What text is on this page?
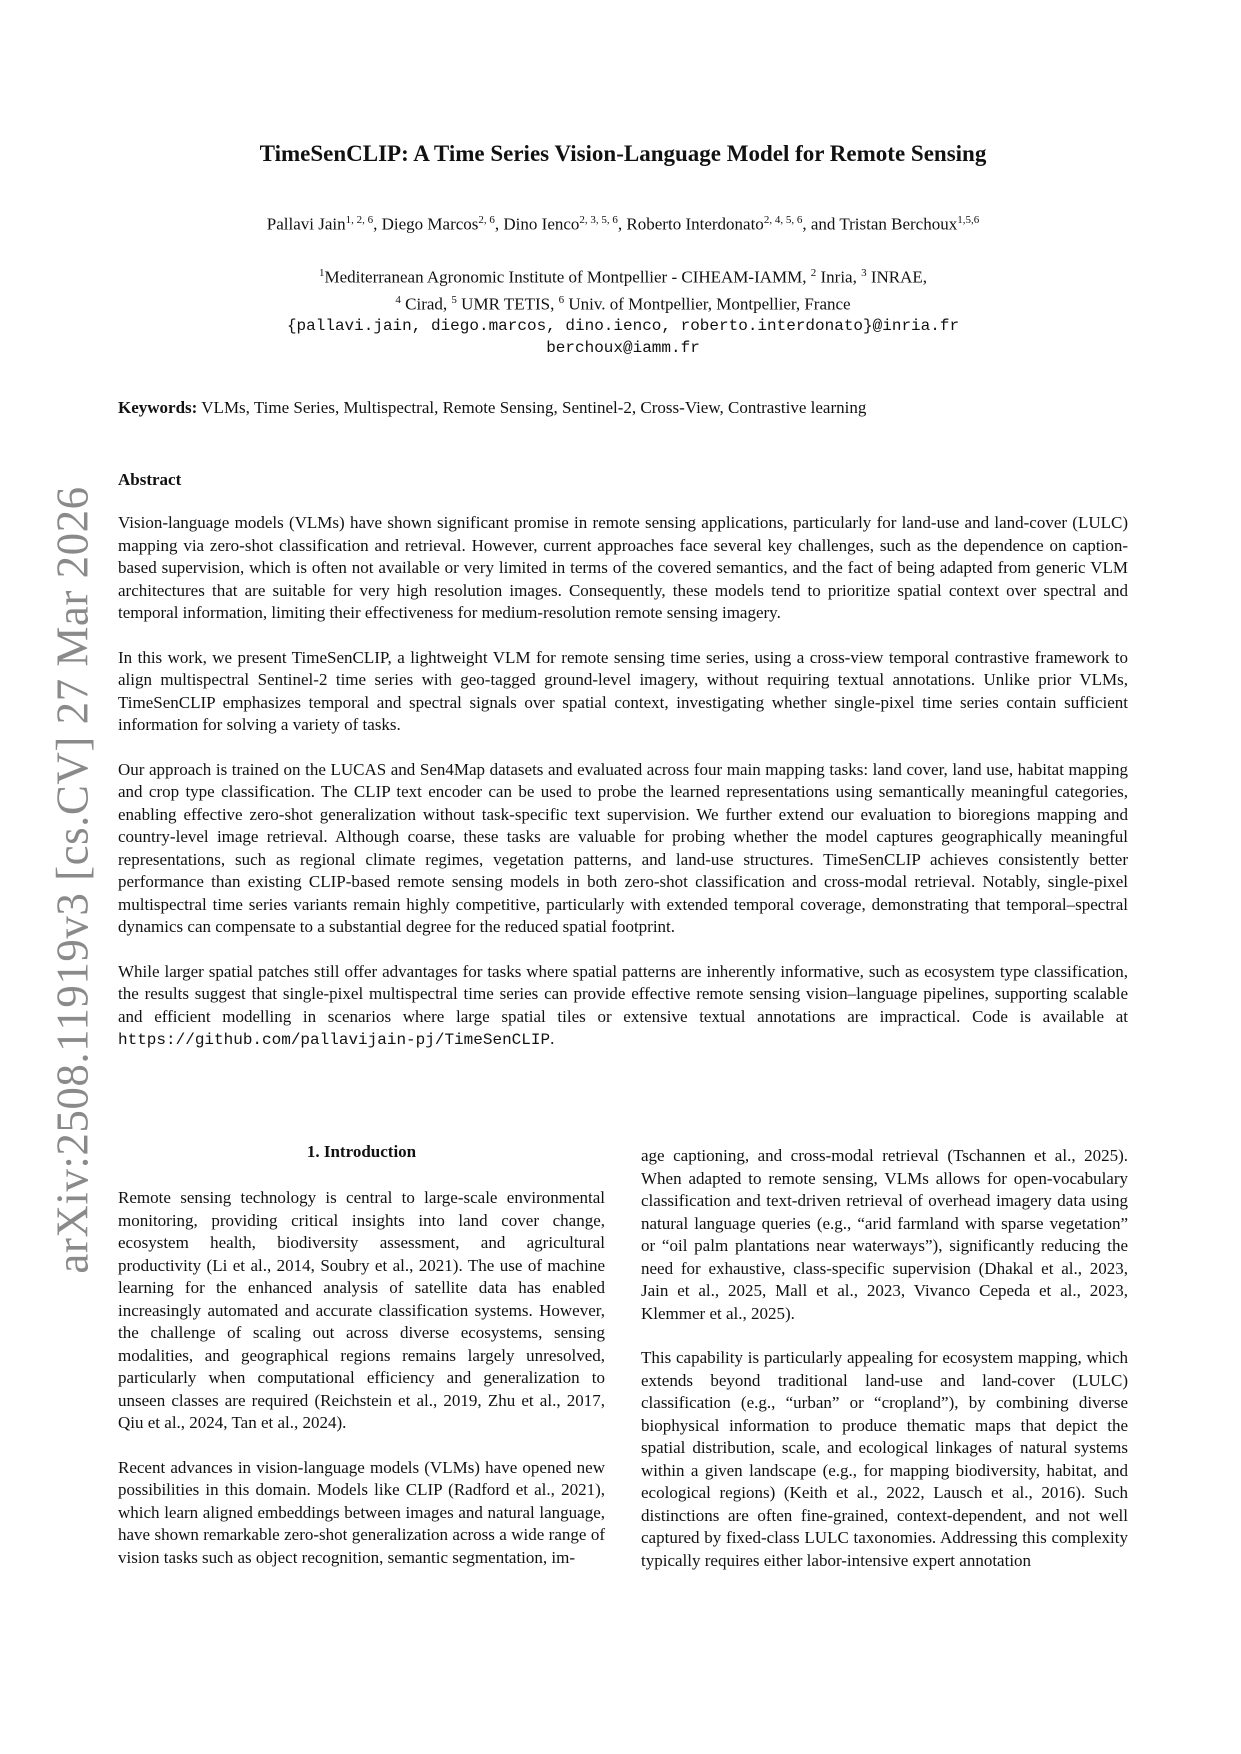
arXiv:2508.11919v3 [cs.CV] 27 Mar 2026
TimeSenCLIP: A Time Series Vision-Language Model for Remote Sensing
Pallavi Jain$^{1, 2, 6}$, Diego Marcos$^{2, 6}$, Dino Ienco$^{2, 3, 5, 6}$, Roberto Interdonato$^{2, 4, 5, 6}$, and Tristan Berchoux$^{1,5,6}$
$^1$Mediterranean Agronomic Institute of Montpellier - CIHEAM-IAMM, $^2$ Inria, $^3$ INRAE,
$^4$ Cirad, $^5$ UMR TETIS, $^6$ Univ. of Montpellier, Montpellier, France
{pallavi.jain, diego.marcos, dino.ienco, roberto.interdonato}@inria.fr
berchoux@iamm.fr
Keywords: VLMs, Time Series, Multispectral, Remote Sensing, Sentinel-2, Cross-View, Contrastive learning
Abstract

Vision-language models (VLMs) have shown significant promise in remote sensing applications, particularly for land-use and land-cover (LULC) mapping via zero-shot classification and retrieval. However, current approaches face several key challenges, such as the dependence on caption-based supervision, which is often not available or very limited in terms of the covered semantics, and the fact of being adapted from generic VLM architectures that are suitable for very high resolution images. Consequently, these models tend to prioritize spatial context over spectral and temporal information, limiting their effectiveness for medium-resolution remote sensing imagery.

In this work, we present TimeSenCLIP, a lightweight VLM for remote sensing time series, using a cross-view temporal contrastive framework to align multispectral Sentinel-2 time series with geo-tagged ground-level imagery, without requiring textual annotations. Unlike prior VLMs, TimeSenCLIP emphasizes temporal and spectral signals over spatial context, investigating whether single-pixel time series contain sufficient information for solving a variety of tasks.

Our approach is trained on the LUCAS and Sen4Map datasets and evaluated across four main mapping tasks: land cover, land use, habitat mapping and crop type classification. The CLIP text encoder can be used to probe the learned representations using semantically meaningful categories, enabling effective zero-shot generalization without task-specific text supervision. We further extend our evaluation to bioregions mapping and country-level image retrieval. Although coarse, these tasks are valuable for probing whether the model captures geographically meaningful representations, such as regional climate regimes, vegetation patterns, and land-use structures. TimeSenCLIP achieves consistently better performance than existing CLIP-based remote sensing models in both zero-shot classification and cross-modal retrieval. Notably, single-pixel multispectral time series variants remain highly competitive, particularly with extended temporal coverage, demonstrating that temporal–spectral dynamics can compensate to a substantial degree for the reduced spatial footprint.

While larger spatial patches still offer advantages for tasks where spatial patterns are inherently informative, such as ecosystem type classification, the results suggest that single-pixel multispectral time series can provide effective remote sensing vision–language pipelines, supporting scalable and efficient modelling in scenarios where large spatial tiles or extensive textual annotations are impractical. Code is available at https://github.com/pallavijain-pj/TimeSenCLIP.

1. Introduction

Remote sensing technology is central to large-scale environmental monitoring, providing critical insights into land cover change, ecosystem health, biodiversity assessment, and agricultural productivity (Li et al., 2014, Soubry et al., 2021). The use of machine learning for the enhanced analysis of satellite data has enabled increasingly automated and accurate classification systems. However, the challenge of scaling out across diverse ecosystems, sensing modalities, and geographical regions remains largely unresolved, particularly when computational efficiency and generalization to unseen classes are required (Reichstein et al., 2019, Zhu et al., 2017, Qiu et al., 2024, Tan et al., 2024).

Recent advances in vision-language models (VLMs) have opened new possibilities in this domain. Models like CLIP (Radford et al., 2021), which learn aligned embeddings between images and natural language, have shown remarkable zero-shot generalization across a wide range of vision tasks such as object recognition, semantic segmentation, im-

age captioning, and cross-modal retrieval (Tschannen et al., 2025). When adapted to remote sensing, VLMs allows for open-vocabulary classification and text-driven retrieval of overhead imagery data using natural language queries (e.g., “arid farmland with sparse vegetation” or “oil palm plantations near waterways”), significantly reducing the need for exhaustive, class-specific supervision (Dhakal et al., 2023, Jain et al., 2025, Mall et al., 2023, Vivanco Cepeda et al., 2023, Klemmer et al., 2025).

This capability is particularly appealing for ecosystem mapping, which extends beyond traditional land-use and land-cover (LULC) classification (e.g., “urban” or “cropland”), by combining diverse biophysical information to produce thematic maps that depict the spatial distribution, scale, and ecological linkages of natural systems within a given landscape (e.g., for mapping biodiversity, habitat, and ecological regions) (Keith et al., 2022, Lausch et al., 2016). Such distinctions are often fine-grained, context-dependent, and not well captured by fixed-class LULC taxonomies. Addressing this complexity typically requires either labor-intensive expert annotation
